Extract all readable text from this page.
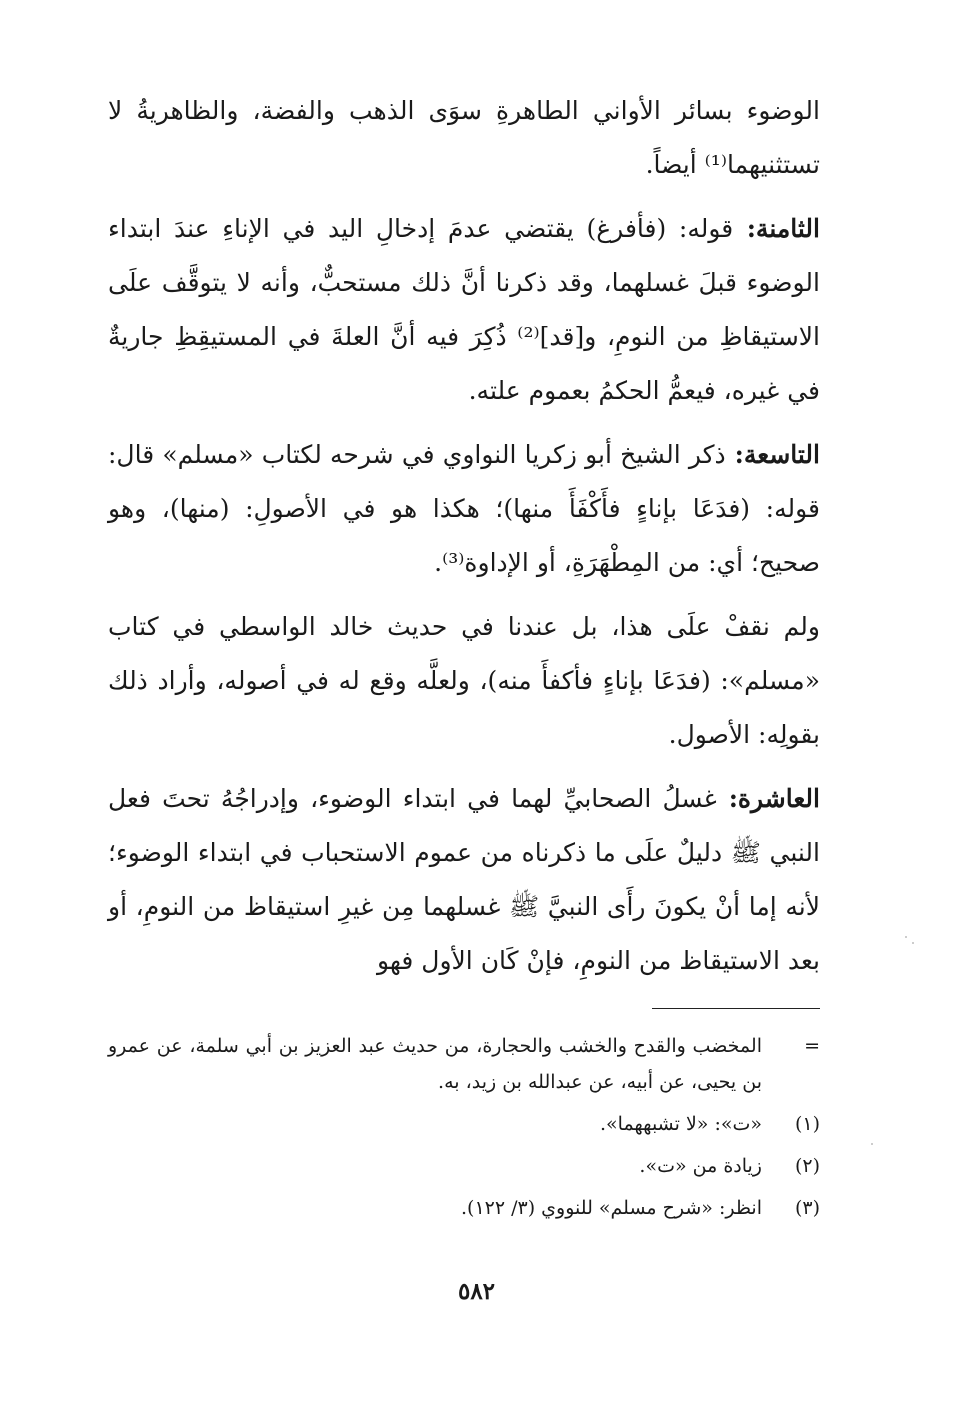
الوضوء بسائر الأواني الطاهرةِ سوَى الذهب والفضة، والظاهريةُ لا تستثنيهما⁽¹⁾ أيضاً.

الثامنة: قوله: (فأفرغ) يقتضي عدمَ إدخالِ اليد في الإناءِ عندَ ابتداء الوضوء قبلَ غسلهما، وقد ذكرنا أنَّ ذلك مستحبٌّ، وأنه لا يتوقَّف علَى الاستيقاظِ من النومِ، و[قد]⁽²⁾ ذُكِرَ فيه أنَّ العلةَ في المستيقِظِ جاريةٌ في غيره، فيعمُّ الحكمُ بعموم علته.

التاسعة: ذكر الشيخ أبو زكريا النواوي في شرحه لكتاب «مسلم» قال: قوله: (فدَعَا بإناءٍ فأَكْفَأَ منها)؛ هكذا هو في الأصولِ: (منها)، وهو صحيح؛ أي: من المِطْهَرَةِ، أو الإداوة⁽³⁾.

ولم نقفْ علَى هذا، بل عندنا في حديث خالد الواسطي في كتاب «مسلم»: (فدَعَا بإناءٍ فأكفأَ منه)، ولعلَّه وقع له في أصوله، وأراد ذلك بقولِه: الأصول.

العاشرة: غسلُ الصحابيِّ لهما في ابتداء الوضوء، وإدراجُهُ تحتَ فعل النبي ﷺ دليلٌ علَى ما ذكرناه من عموم الاستحباب في ابتداء الوضوء؛ لأنه إما أنْ يكونَ رأَى النبيَّ ﷺ غسلهما مِن غيرِ استيقاظ من النومِ، أو بعد الاستيقاظ من النومِ، فإنْ كَان الأول فهو

=
المخضب والقدح والخشب والحجارة، من حديث عبد العزيز بن أبي سلمة، عن عمرو بن يحيى، عن أبيه، عن عبدالله بن زيد، به.
(١)
«ت»: «لا تشبههما».
(٢)
زيادة من «ت».
(٣)
انظر: «شرح مسلم» للنووي (٣/ ١٢٢).
٥٨٢
